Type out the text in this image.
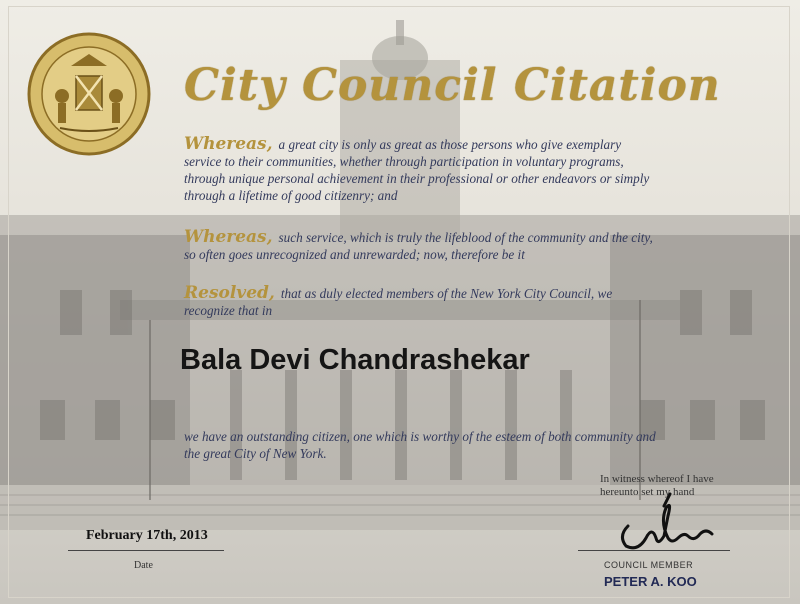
City Council Citation
Whereas, a great city is only as great as those persons who give exemplary service to their communities, whether through participation in voluntary programs, through unique personal achievement in their professional or other endeavors or simply through a lifetime of good citizenry; and
Whereas, such service, which is truly the lifeblood of the community and the city, so often goes unrecognized and unrewarded; now, therefore be it
Resolved, that as duly elected members of the New York City Council, we recognize that in
Bala Devi Chandrashekar
we have an outstanding citizen, one which is worthy of the esteem of both community and the great City of New York.
In witness whereof I have hereunto set my hand
February 17th, 2013
Date	COUNCIL MEMBER
PETER A. KOO
